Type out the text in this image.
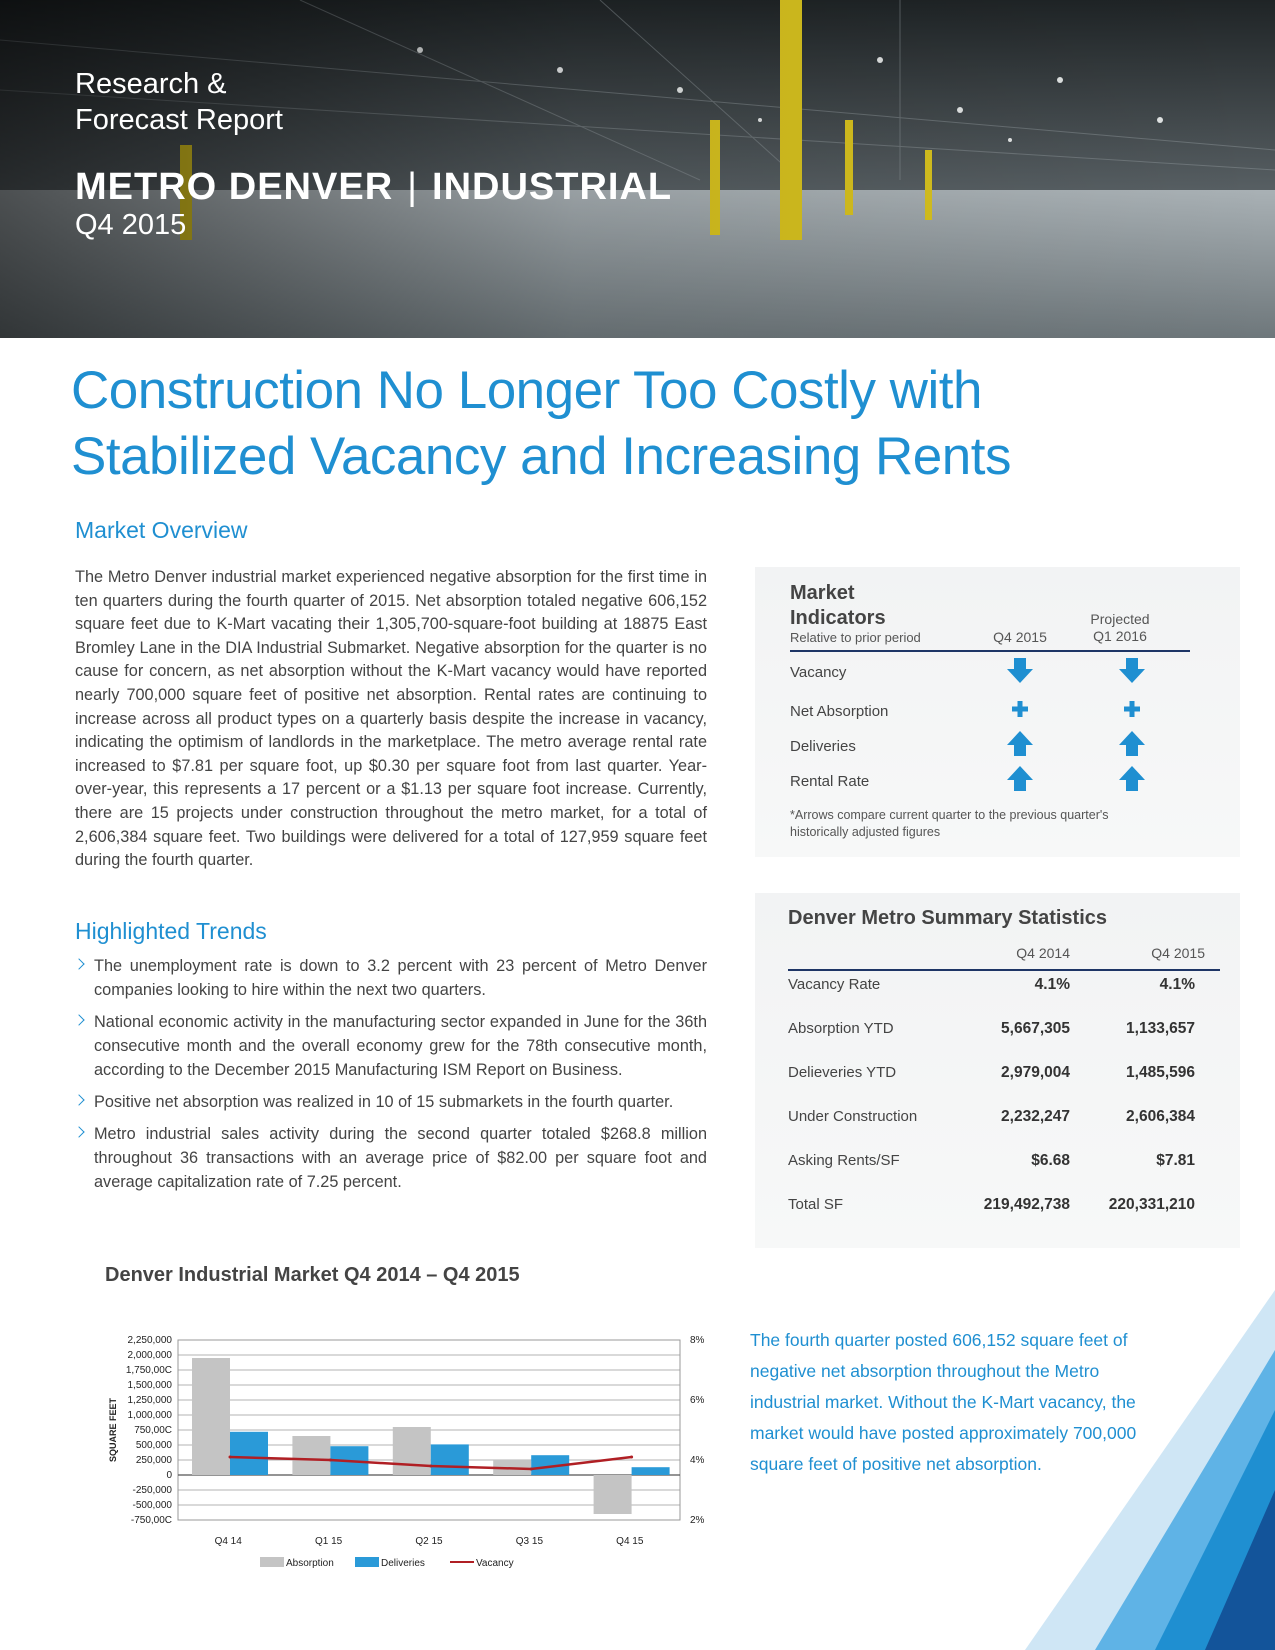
Research &
Forecast Report
METRO DENVER | INDUSTRIAL
Q4 2015
Construction No Longer Too Costly with
Stabilized Vacancy and Increasing Rents
Market Overview

The Metro Denver industrial market experienced negative absorption for the first time in ten quarters during the fourth quarter of 2015. Net absorption totaled negative 606,152 square feet due to K-Mart vacating their 1,305,700-square-foot building at 18875 East Bromley Lane in the DIA Industrial Submarket. Negative absorption for the quarter is no cause for concern, as net absorption without the K-Mart vacancy would have reported nearly 700,000 square feet of positive net absorption. Rental rates are continuing to increase across all product types on a quarterly basis despite the increase in vacancy, indicating the optimism of landlords in the marketplace. The metro average rental rate increased to $7.81 per square foot, up $0.30 per square foot from last quarter. Year-over-year, this represents a 17 percent or a $1.13 per square foot increase. Currently, there are 15 projects under construction throughout the metro market, for a total of 2,606,384 square feet. Two buildings were delivered for a total of 127,959 square feet during the fourth quarter.

Highlighted Trends
The unemployment rate is down to 3.2 percent with 23 percent of Metro Denver companies looking to hire within the next two quarters.
National economic activity in the manufacturing sector expanded in June for the 36th consecutive month and the overall economy grew for the 78th consecutive month, according to the December 2015 Manufacturing ISM Report on Business.
Positive net absorption was realized in 10 of 15 submarkets in the fourth quarter.
Metro industrial sales activity during the second quarter totaled $268.8 million throughout 36 transactions with an average price of $82.00 per square foot and average capitalization rate of 7.25 percent.
Market
Indicators
Relative to prior period	Q4 2015
Projected
Q1 2016
Vacancy
Net Absorption
Deliveries
Rental Rate
*Arrows compare current quarter to the previous quarter's historically adjusted figures
Denver Metro Summary Statistics
Q4 2014	Q4 2015
Vacancy Rate	4.1%	4.1%
Absorption YTD	5,667,305	1,133,657
Delieveries YTD	2,979,004	1,485,596
Under Construction	2,232,247	2,606,384
Asking Rents/SF	$6.68	$7.81
Total SF	219,492,738	220,331,210
Denver Industrial Market Q4 2014 – Q4 2015
2,250,000
2,000,000
1,750,00C
1,500,000
1,250,000
1,000,000
750,00C
500,000
250,000
0
-250,000
-500,000
-750,00C
8%
6%
4%
2%
SQUARE FEET
Q4 14	Q1 15	Q2 15	Q3 15	Q4 15
Absorption	Deliveries	Vacancy

The fourth quarter posted 606,152 square feet of negative net absorption throughout the Metro industrial market. Without the K-Mart vacancy, the market would have posted approximately 700,000 square feet of positive net absorption.
